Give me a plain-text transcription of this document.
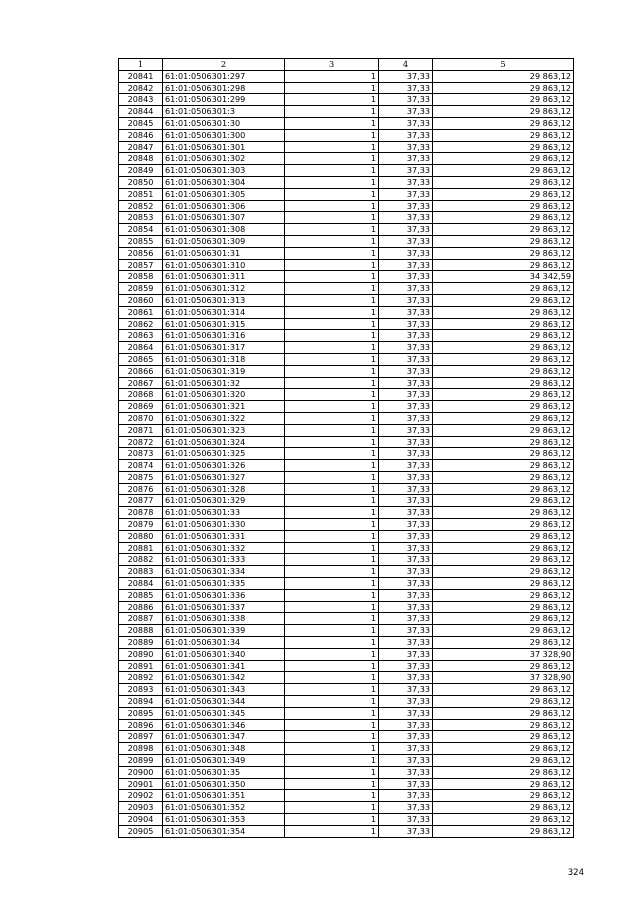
1	2	3	4	5
20841	61:01:0506301:297	1	37,33	29 863,12
20842	61:01:0506301:298	1	37,33	29 863,12
20843	61:01:0506301:299	1	37,33	29 863,12
20844	61:01:0506301:3	1	37,33	29 863,12
20845	61:01:0506301:30	1	37,33	29 863,12
20846	61:01:0506301:300	1	37,33	29 863,12
20847	61:01:0506301:301	1	37,33	29 863,12
20848	61:01:0506301:302	1	37,33	29 863,12
20849	61:01:0506301:303	1	37,33	29 863,12
20850	61:01:0506301:304	1	37,33	29 863,12
20851	61:01:0506301:305	1	37,33	29 863,12
20852	61:01:0506301:306	1	37,33	29 863,12
20853	61:01:0506301:307	1	37,33	29 863,12
20854	61:01:0506301:308	1	37,33	29 863,12
20855	61:01:0506301:309	1	37,33	29 863,12
20856	61:01:0506301:31	1	37,33	29 863,12
20857	61:01:0506301:310	1	37,33	29 863,12
20858	61:01:0506301:311	1	37,33	34 342,59
20859	61:01:0506301:312	1	37,33	29 863,12
20860	61:01:0506301:313	1	37,33	29 863,12
20861	61:01:0506301:314	1	37,33	29 863,12
20862	61:01:0506301:315	1	37,33	29 863,12
20863	61:01:0506301:316	1	37,33	29 863,12
20864	61:01:0506301:317	1	37,33	29 863,12
20865	61:01:0506301:318	1	37,33	29 863,12
20866	61:01:0506301:319	1	37,33	29 863,12
20867	61:01:0506301:32	1	37,33	29 863,12
20868	61:01:0506301:320	1	37,33	29 863,12
20869	61:01:0506301:321	1	37,33	29 863,12
20870	61:01:0506301:322	1	37,33	29 863,12
20871	61:01:0506301:323	1	37,33	29 863,12
20872	61:01:0506301:324	1	37,33	29 863,12
20873	61:01:0506301:325	1	37,33	29 863,12
20874	61:01:0506301:326	1	37,33	29 863,12
20875	61:01:0506301:327	1	37,33	29 863,12
20876	61:01:0506301:328	1	37,33	29 863,12
20877	61:01:0506301:329	1	37,33	29 863,12
20878	61:01:0506301:33	1	37,33	29 863,12
20879	61:01:0506301:330	1	37,33	29 863,12
20880	61:01:0506301:331	1	37,33	29 863,12
20881	61:01:0506301:332	1	37,33	29 863,12
20882	61:01:0506301:333	1	37,33	29 863,12
20883	61:01:0506301:334	1	37,33	29 863,12
20884	61:01:0506301:335	1	37,33	29 863,12
20885	61:01:0506301:336	1	37,33	29 863,12
20886	61:01:0506301:337	1	37,33	29 863,12
20887	61:01:0506301:338	1	37,33	29 863,12
20888	61:01:0506301:339	1	37,33	29 863,12
20889	61:01:0506301:34	1	37,33	29 863,12
20890	61:01:0506301:340	1	37,33	37 328,90
20891	61:01:0506301:341	1	37,33	29 863,12
20892	61:01:0506301:342	1	37,33	37 328,90
20893	61:01:0506301:343	1	37,33	29 863,12
20894	61:01:0506301:344	1	37,33	29 863,12
20895	61:01:0506301:345	1	37,33	29 863,12
20896	61:01:0506301:346	1	37,33	29 863,12
20897	61:01:0506301:347	1	37,33	29 863,12
20898	61:01:0506301:348	1	37,33	29 863,12
20899	61:01:0506301:349	1	37,33	29 863,12
20900	61:01:0506301:35	1	37,33	29 863,12
20901	61:01:0506301:350	1	37,33	29 863,12
20902	61:01:0506301:351	1	37,33	29 863,12
20903	61:01:0506301:352	1	37,33	29 863,12
20904	61:01:0506301:353	1	37,33	29 863,12
20905	61:01:0506301:354	1	37,33	29 863,12
324
